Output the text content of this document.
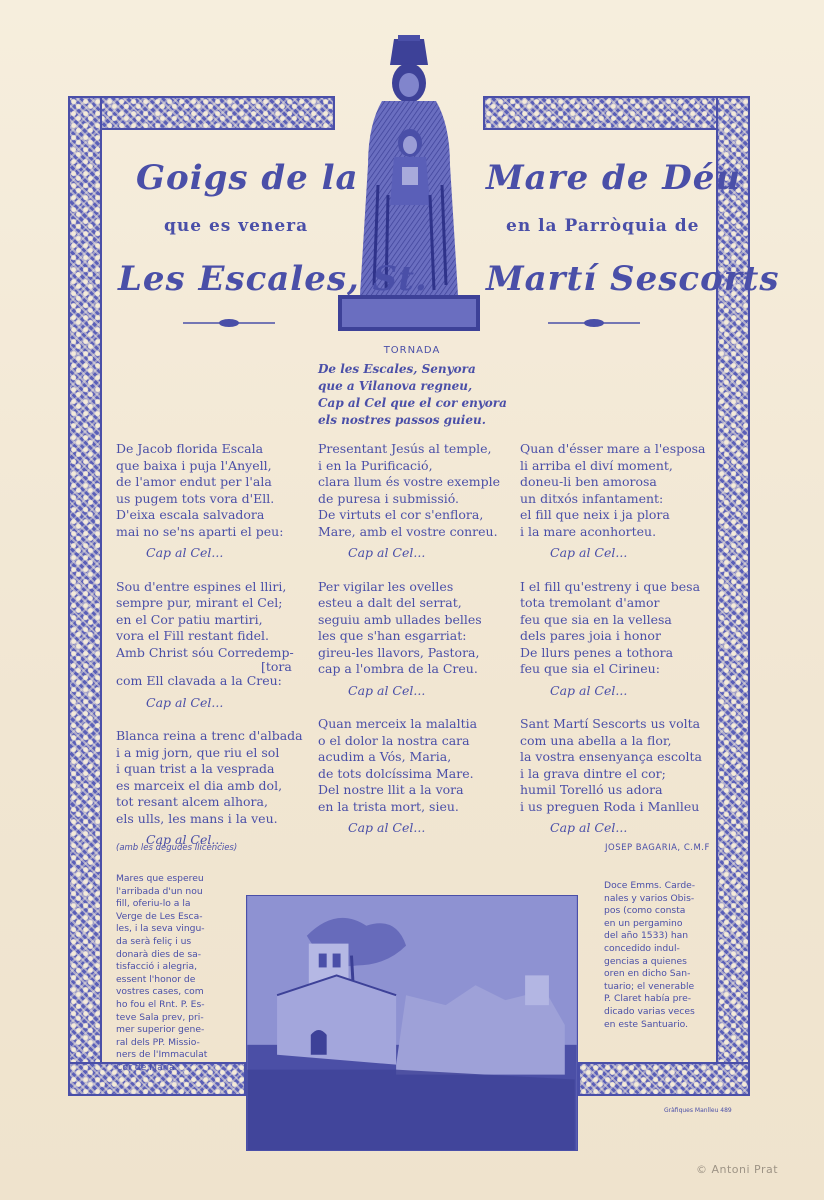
Goigs de la	Mare de Déu
que es venera	en la Parròquia de
Les Escales, St. Martí Sescorts
TORNADA
De les Escales, Senyora
que a Vilanova regneu,
Cap al Cel que el cor enyora
els nostres passos guieu.
De Jacob florida Escala
que baixa i puja l'Anyell,
de l'amor endut per l'ala
us pugem tots vora d'Ell.
D'eixa escala salvadora
mai no se'ns aparti el peu:
Cap al Cel...
Sou d'entre espines el lliri,
sempre pur, mirant el Cel;
en el Cor patiu martiri,
vora el Fill restant fidel.
Amb Christ sóu Corredemp-
[tora
com Ell clavada a la Creu:
Cap al Cel...
Blanca reina a trenc d'albada
i a mig jorn, que riu el sol
i quan trist a la vesprada
es marceix el dia amb dol,
tot resant alcem alhora,
els ulls, les mans i la veu.
Cap al Cel...
Presentant Jesús al temple,
i en la Purificació,
clara llum és vostre exemple
de puresa i submissió.
De virtuts el cor s'enflora,
Mare, amb el vostre conreu.
Cap al Cel...
Per vigilar les ovelles
esteu a dalt del serrat,
seguiu amb ullades belles
les que s'han esgarriat:
gireu-les llavors, Pastora,
cap a l'ombra de la Creu.
Cap al Cel...
Quan merceix la malaltia
o el dolor la nostra cara
acudim a Vós, Maria,
de tots dolcíssima Mare.
Del nostre llit a la vora
en la trista mort, sieu.
Cap al Cel...
Quan d'ésser mare a l'esposa
li arriba el diví moment,
doneu-li ben amorosa
un ditxós infantament:
el fill que neix i ja plora
i la mare aconhorteu.
Cap al Cel...
I el fill qu'estreny i que besa
tota tremolant d'amor
feu que sia en la vellesa
dels pares joia i honor
De llurs penes a tothora
feu que sia el Cirineu:
Cap al Cel...
Sant Martí Sescorts us volta
com una abella a la flor,
la vostra ensenyança escolta
i la grava dintre el cor;
humil Torelló us adora
i us preguen Roda i Manlleu
Cap al Cel...
(amb les degudes llicències)	JOSEP BAGARIA, C.M.F
Mares que espereu
l'arribada d'un nou
fill, oferiu-lo a la
Verge de Les Esca-
les, i la seva vingu-
da serà feliç i us
donarà dies de sa-
tisfacció i alegria,
essent l'honor de
vostres cases, com
ho fou el Rnt. P. Es-
teve Sala prev, pri-
mer superior gene-
ral dels PP. Missio-
ners de l'Immaculat
Cor de Maria.
Doce Emms. Carde-
nales y varios Obis-
pos (como consta
en un pergamino
del año 1533) han
concedido indul-
gencias a quienes
oren en dicho San-
tuario; el venerable
P. Claret había pre-
dicado varias veces
en este Santuario.
Gràfiques Manlleu 489
© Antoni Prat
